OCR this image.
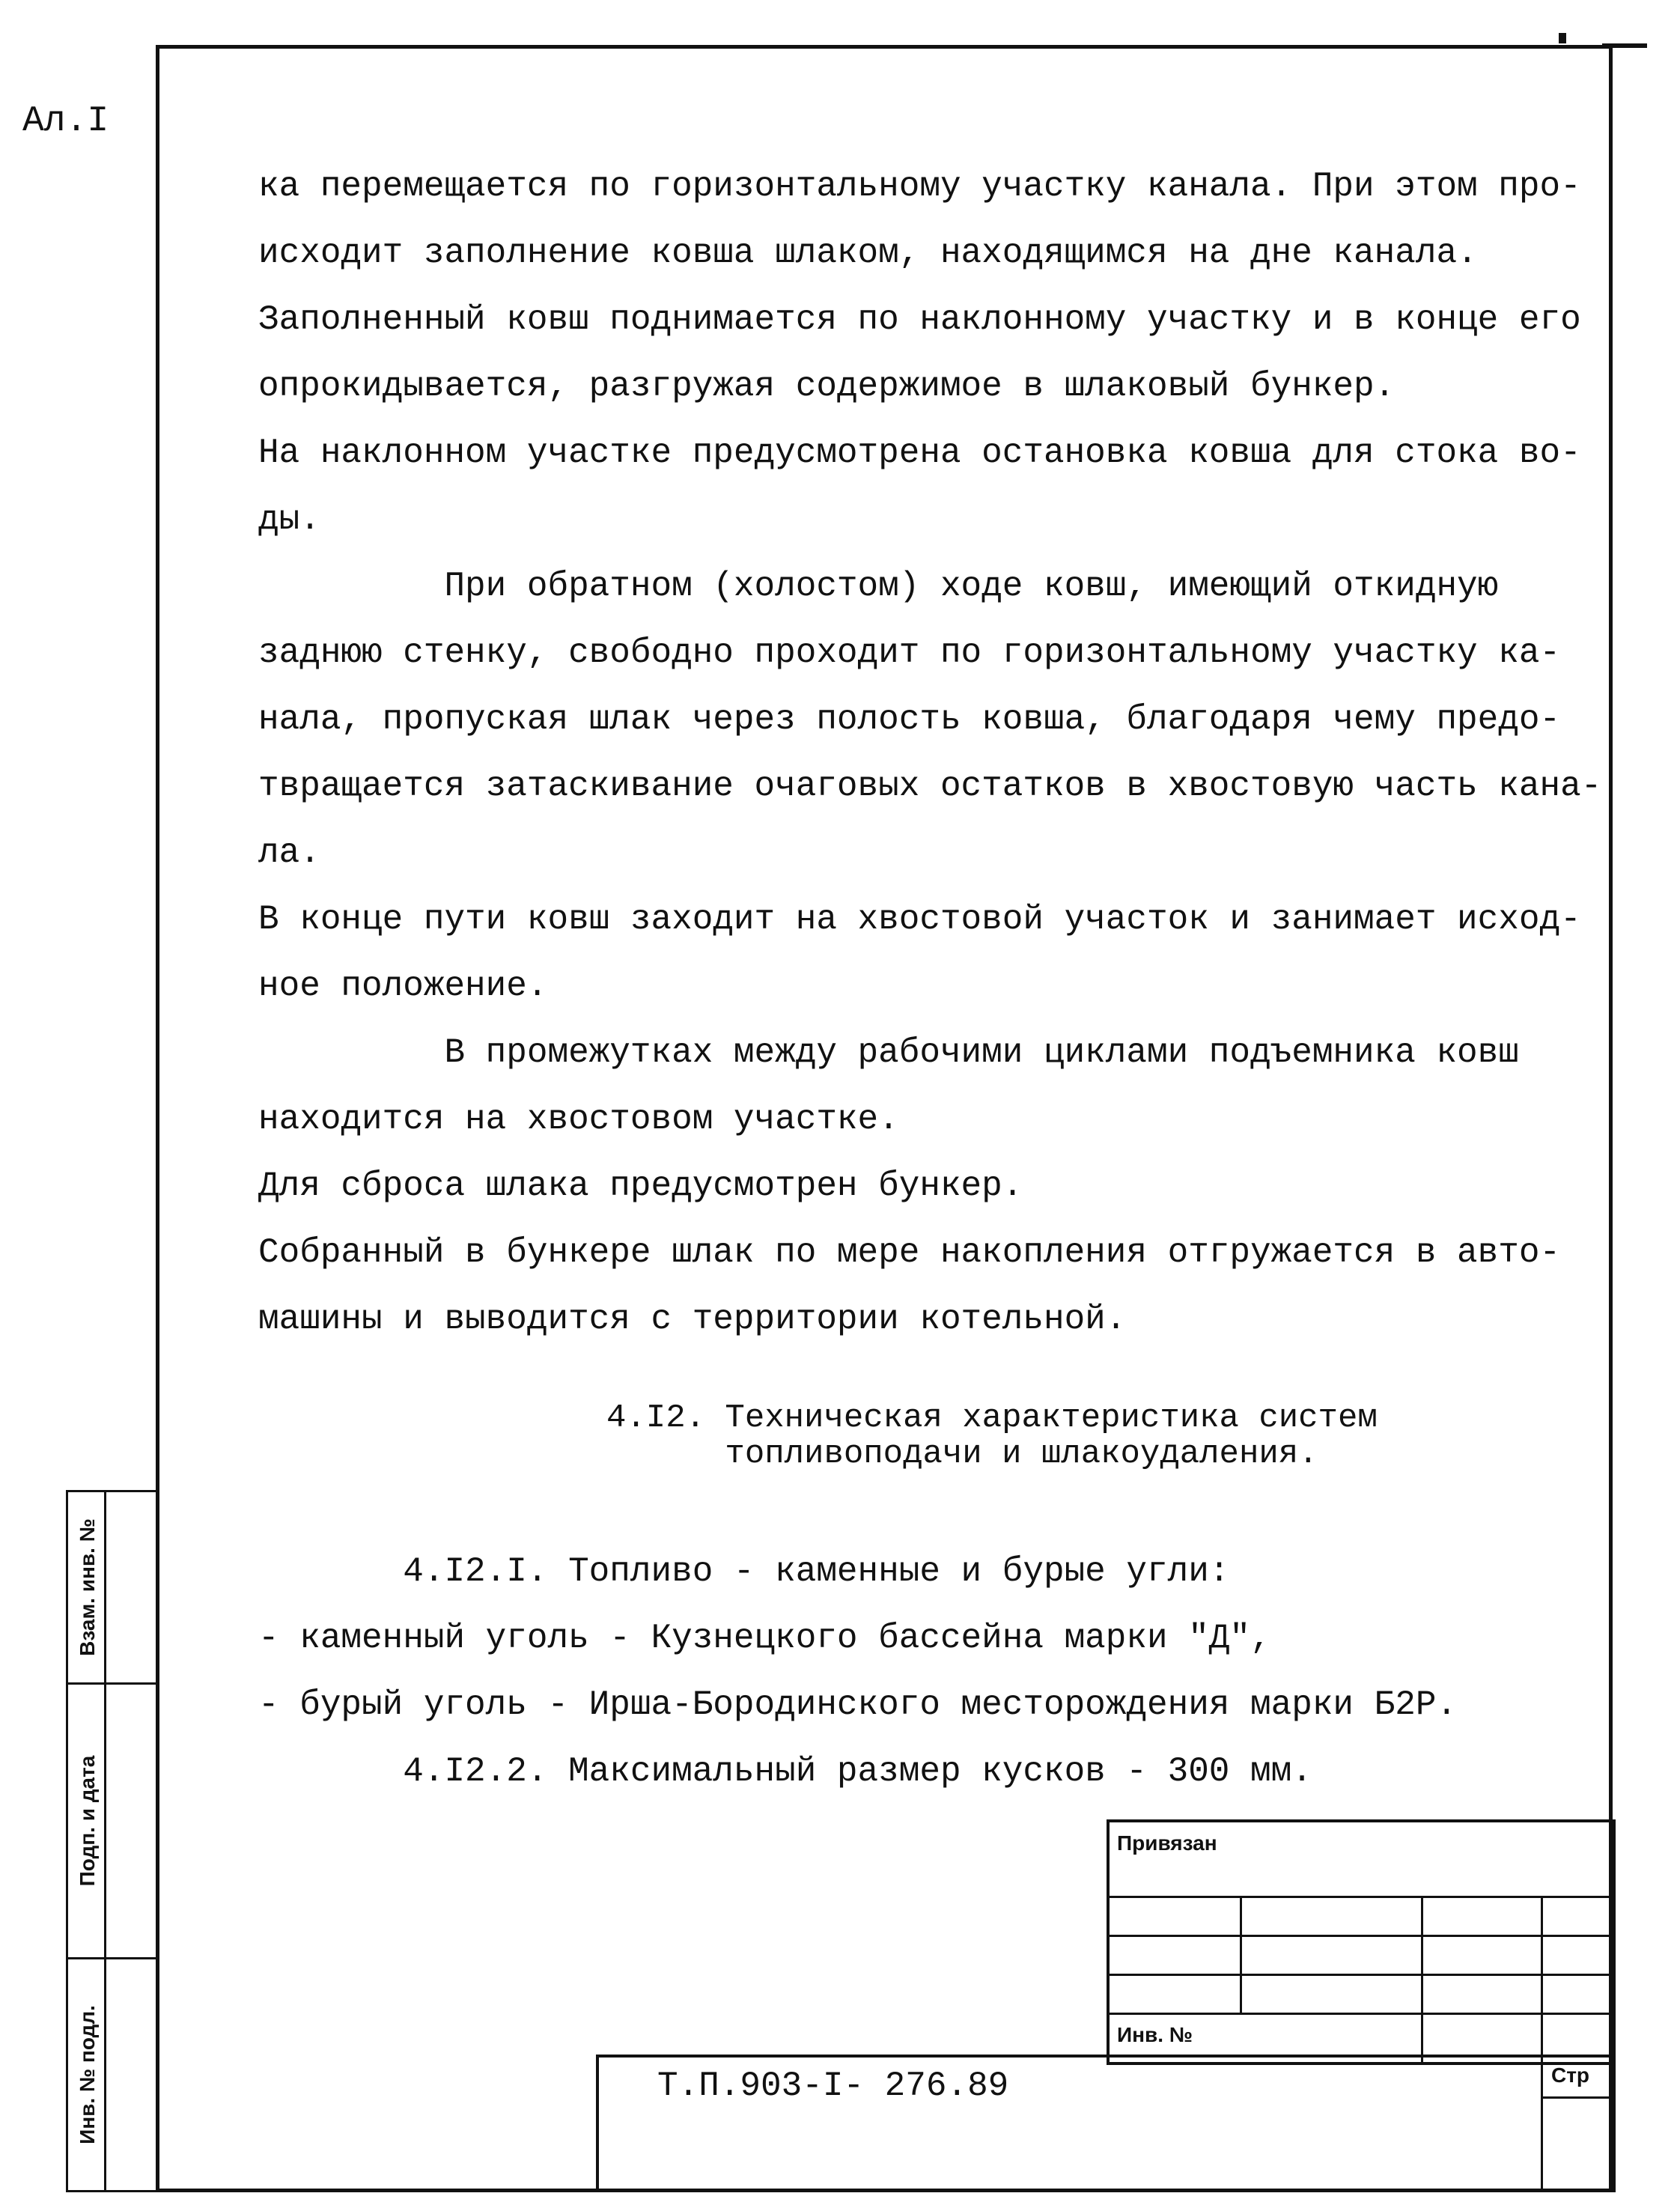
Ал.I
ка перемещается по горизонтальному участку канала. При этом про-
исходит заполнение ковша шлаком, находящимся на дне канала.
Заполненный ковш поднимается по наклонному участку и в конце его
опрокидывается, разгружая содержимое в шлаковый бункер.
На наклонном участке предусмотрена остановка ковша для стока во-
ды.
При обратном (холостом) ходе ковш, имеющий откидную
заднюю стенку, свободно проходит по горизонтальному участку ка-
нала, пропуская шлак через полость ковша, благодаря чему предо-
твращается затаскивание очаговых остатков в хвостовую часть кана-
ла.
В конце пути ковш заходит на хвостовой участок и занимает исход-
ное положение.
В промежутках между рабочими циклами подъемника ковш
находится на хвостовом участке.
Для сброса шлака предусмотрен бункер.
Собранный в бункере шлак по мере накопления отгружается в авто-
машины и выводится с территории котельной.
4.I2. Техническая характеристика систем
топливоподачи и шлакоудаления.
4.I2.I. Топливо - каменные и бурые угли:
- каменный уголь - Кузнецкого бассейна марки "Д",
- бурый уголь - Ирша-Бородинского месторождения марки Б2Р.
4.I2.2. Максимальный размер кусков - 300 мм.
Взам. инв. №
Подп. и дата
Инв. № подл.
Привязан
Инв. №
Стр
Т.П.903-I- 276.89
